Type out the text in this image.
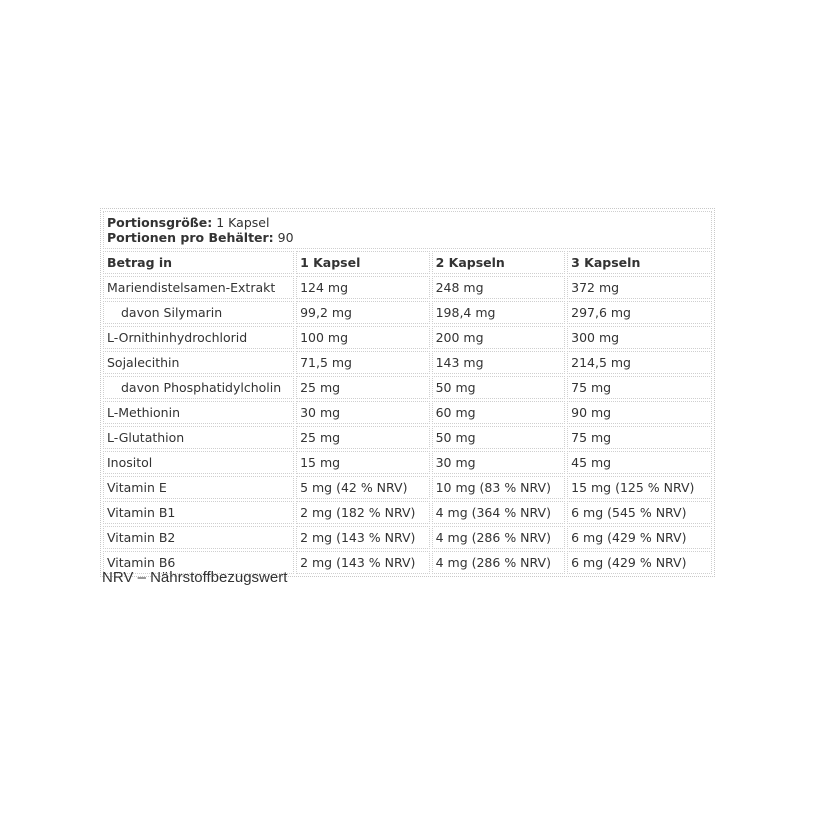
Portionsgröße: 1 Kapsel
Portionen pro Behälter: 90			

Betrag in	1 Kapsel	2 Kapseln	3 Kapseln
Mariendistelsamen-Extrakt	124 mg	248 mg	372 mg
davon Silymarin	99,2 mg	198,4 mg	297,6 mg
L-Ornithinhydrochlorid	100 mg	200 mg	300 mg
Sojalecithin	71,5 mg	143 mg	214,5 mg
davon Phosphatidylcholin	25 mg	50 mg	75 mg
L-Methionin	30 mg	60 mg	90 mg
L-Glutathion	25 mg	50 mg	75 mg
Inositol	15 mg	30 mg	45 mg
Vitamin E	5 mg (42 % NRV)	10 mg (83 % NRV)	15 mg (125 % NRV)
Vitamin B1	2 mg (182 % NRV)	4 mg (364 % NRV)	6 mg (545 % NRV)
Vitamin B2	2 mg (143 % NRV)	4 mg (286 % NRV)	6 mg (429 % NRV)
Vitamin B6	2 mg (143 % NRV)	4 mg (286 % NRV)	6 mg (429 % NRV)

NRV – Nährstoffbezugswert
